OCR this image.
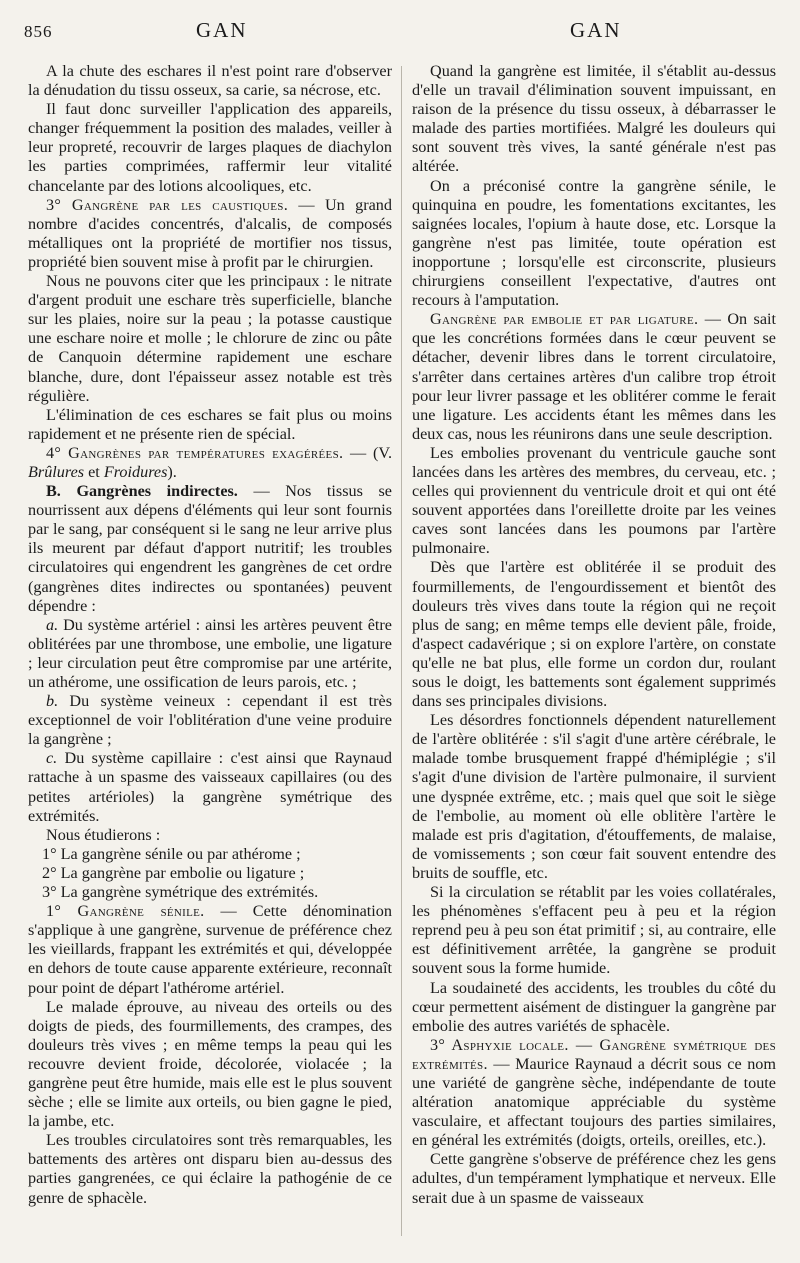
856	GAN	GAN

A la chute des eschares il n'est point rare d'observer la dénudation du tissu osseux, sa carie, sa nécrose, etc.

Il faut donc surveiller l'application des appareils, changer fréquemment la position des malades, veiller à leur propreté, recouvrir de larges plaques de diachylon les parties comprimées, raffermir leur vitalité chancelante par des lotions alcooliques, etc.

3° Gangrène par les caustiques. — Un grand nombre d'acides concentrés, d'alcalis, de composés métalliques ont la propriété de mortifier nos tissus, propriété bien souvent mise à profit par le chirurgien.

Nous ne pouvons citer que les principaux : le nitrate d'argent produit une eschare très superficielle, blanche sur les plaies, noire sur la peau ; la potasse caustique une eschare noire et molle ; le chlorure de zinc ou pâte de Canquoin détermine rapidement une eschare blanche, dure, dont l'épaisseur assez notable est très régulière.

L'élimination de ces eschares se fait plus ou moins rapidement et ne présente rien de spécial.

4° Gangrènes par températures exagérées. — (V. Brûlures et Froidures).

B. Gangrènes indirectes. — Nos tissus se nourrissent aux dépens d'éléments qui leur sont fournis par le sang, par conséquent si le sang ne leur arrive plus ils meurent par défaut d'apport nutritif; les troubles circulatoires qui engendrent les gangrènes de cet ordre (gangrènes dites indirectes ou spontanées) peuvent dépendre :

a. Du système artériel : ainsi les artères peuvent être oblitérées par une thrombose, une embolie, une ligature ; leur circulation peut être compromise par une artérite, un athérome, une ossification de leurs parois, etc. ;

b. Du système veineux : cependant il est très exceptionnel de voir l'oblitération d'une veine produire la gangrène ;

c. Du système capillaire : c'est ainsi que Raynaud rattache à un spasme des vaisseaux capillaires (ou des petites artérioles) la gangrène symétrique des extrémités.

Nous étudierons :

1° La gangrène sénile ou par athérome ;

2° La gangrène par embolie ou ligature ;

3° La gangrène symétrique des extrémités.

1° Gangrène sénile. — Cette dénomination s'applique à une gangrène, survenue de préférence chez les vieillards, frappant les extrémités et qui, développée en dehors de toute cause apparente extérieure, reconnaît pour point de départ l'athérome artériel.

Le malade éprouve, au niveau des orteils ou des doigts de pieds, des fourmillements, des crampes, des douleurs très vives ; en même temps la peau qui les recouvre devient froide, décolorée, violacée ; la gangrène peut être humide, mais elle est le plus souvent sèche ; elle se limite aux orteils, ou bien gagne le pied, la jambe, etc.

Les troubles circulatoires sont très remarquables, les battements des artères ont disparu bien au-dessus des parties gangrenées, ce qui éclaire la pathogénie de ce genre de sphacèle.

Quand la gangrène est limitée, il s'établit au-dessus d'elle un travail d'élimination souvent impuissant, en raison de la présence du tissu osseux, à débarrasser le malade des parties mortifiées. Malgré les douleurs qui sont souvent très vives, la santé générale n'est pas altérée.

On a préconisé contre la gangrène sénile, le quinquina en poudre, les fomentations excitantes, les saignées locales, l'opium à haute dose, etc. Lorsque la gangrène n'est pas limitée, toute opération est inopportune ; lorsqu'elle est circonscrite, plusieurs chirurgiens conseillent l'expectative, d'autres ont recours à l'amputation.

Gangrène par embolie et par ligature. — On sait que les concrétions formées dans le cœur peuvent se détacher, devenir libres dans le torrent circulatoire, s'arrêter dans certaines artères d'un calibre trop étroit pour leur livrer passage et les oblitérer comme le ferait une ligature. Les accidents étant les mêmes dans les deux cas, nous les réunirons dans une seule description.

Les embolies provenant du ventricule gauche sont lancées dans les artères des membres, du cerveau, etc. ; celles qui proviennent du ventricule droit et qui ont été souvent apportées dans l'oreillette droite par les veines caves sont lancées dans les poumons par l'artère pulmonaire.

Dès que l'artère est oblitérée il se produit des fourmillements, de l'engourdissement et bientôt des douleurs très vives dans toute la région qui ne reçoit plus de sang; en même temps elle devient pâle, froide, d'aspect cadavérique ; si on explore l'artère, on constate qu'elle ne bat plus, elle forme un cordon dur, roulant sous le doigt, les battements sont également supprimés dans ses principales divisions.

Les désordres fonctionnels dépendent naturellement de l'artère oblitérée : s'il s'agit d'une artère cérébrale, le malade tombe brusquement frappé d'hémiplégie ; s'il s'agit d'une division de l'artère pulmonaire, il survient une dyspnée extrême, etc. ; mais quel que soit le siège de l'embolie, au moment où elle oblitère l'artère le malade est pris d'agitation, d'étouffements, de malaise, de vomissements ; son cœur fait souvent entendre des bruits de souffle, etc.

Si la circulation se rétablit par les voies collatérales, les phénomènes s'effacent peu à peu et la région reprend peu à peu son état primitif ; si, au contraire, elle est définitivement arrêtée, la gangrène se produit souvent sous la forme humide.

La soudaineté des accidents, les troubles du côté du cœur permettent aisément de distinguer la gangrène par embolie des autres variétés de sphacèle.

3° Asphyxie locale. — Gangrène symétrique des extrémités. — Maurice Raynaud a décrit sous ce nom une variété de gangrène sèche, indépendante de toute altération anatomique appréciable du système vasculaire, et affectant toujours des parties similaires, en général les extrémités (doigts, orteils, oreilles, etc.).

Cette gangrène s'observe de préférence chez les gens adultes, d'un tempérament lymphatique et nerveux. Elle serait due à un spasme de vaisseaux
